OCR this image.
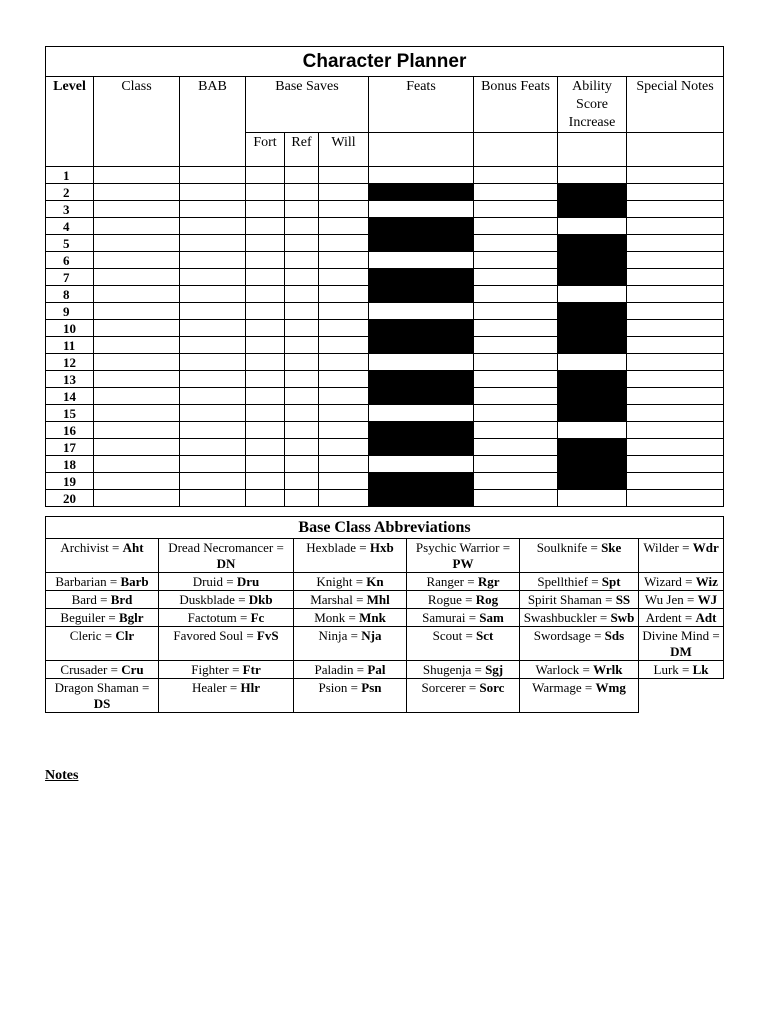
Character Planner									
Level	Class	BAB	Base Saves			Feats	Bonus Feats	Ability Score Increase	Special Notes
			Fort	Ref	Will				
1									
2									
3									
4									
5									
6									
7									
8									
9									
10									
11									
12									
13									
14									
15									
16									
17									
18									
19									
20									
Base Class Abbreviations					
Archivist = Aht	Dread Necromancer = DN	Hexblade = Hxb	Psychic Warrior = PW	Soulknife = Ske	Wilder = Wdr
Barbarian = Barb	Druid = Dru	Knight = Kn	Ranger = Rgr	Spellthief = Spt	Wizard = Wiz
Bard = Brd	Duskblade = Dkb	Marshal = Mhl	Rogue = Rog	Spirit Shaman = SS	Wu Jen = WJ
Beguiler = Bglr	Factotum = Fc	Monk = Mnk	Samurai = Sam	Swashbuckler = Swb	Ardent = Adt
Cleric = Clr	Favored Soul = FvS	Ninja = Nja	Scout = Sct	Swordsage = Sds	Divine Mind = DM
Crusader = Cru	Fighter = Ftr	Paladin = Pal	Shugenja = Sgj	Warlock = Wrlk	Lurk = Lk
Dragon Shaman = DS	Healer = Hlr	Psion = Psn	Sorcerer = Sorc	Warmage = Wmg	
Notes
